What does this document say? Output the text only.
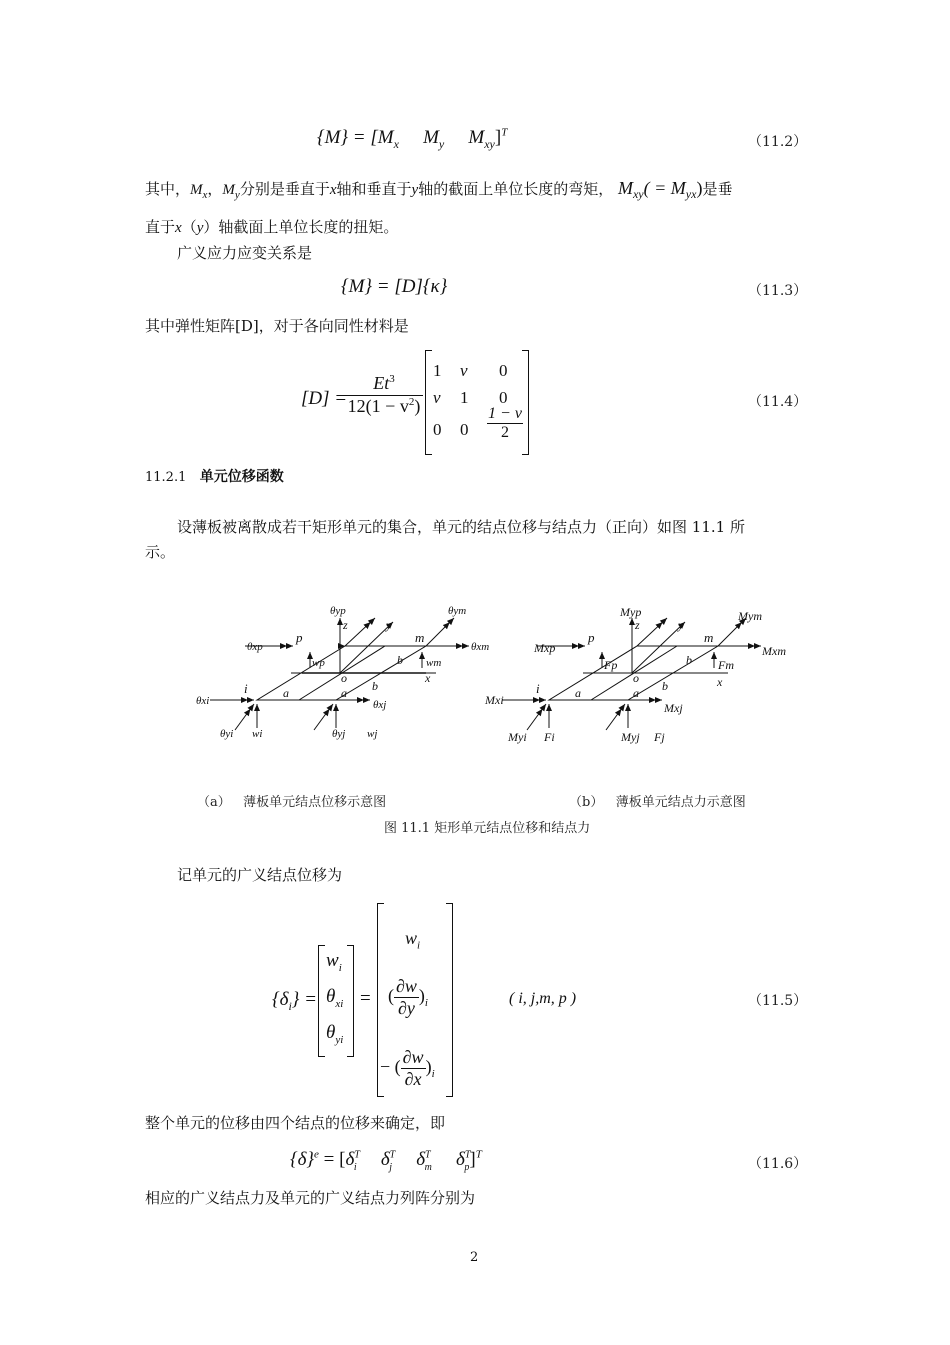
$\{M\} = [M_x$ $M_y$ $M_{xy}]^T$
（11.2）
其中，$M_x$，$M_y$分别是垂直于x轴和垂直于y轴的截面上单位长度的弯矩， $M_{xy}( = M_{yx})$是垂
直于x（y）轴截面上单位长度的扭矩。
广义应力应变关系是
{M} = [D]{κ}	（11.3）
其中弹性矩阵[D]，对于各向同性材料是
[D] =
$Et^3$
$12(1 - v^2)$
1 v 0
v 1 0
0 0
1 − v
2
（11.4）
11.2.1 单元位移函数
设薄板被离散成若干矩形单元的集合，单元的结点位移与结点力（正向）如图 11.1 所
示。
θyp	θym
θxp	θxm
θxi	θxj
θyi	θyj
z	y
x
p	m
i
o
a	a
b
b
wp	wm
wi	wj
Myp	Mym
Mxp	Mxm
Mxi
Mxj
Myi	Myj
z	y
x
p	m
i
o
a	a
b
b
Fp	Fm
Fi	Fj
（a） 薄板单元结点位移示意图	（b） 薄板单元结点力示意图
图 11.1 矩形单元结点位移和结点力
记单元的广义结点位移为
$\{\delta_i\}$ =
$w_i$
$\theta_{xi}$
$\theta_{yi}$
=
$w_i$
( $\frac{\partial w}{\partial y} )_i$
− ( $\frac{\partial w}{\partial x} )_i$
( i, j,m, p )	（11.5）
整个单元的位移由四个结点的位移来确定，即
$\{\delta\}^e = [\delta^T_i$ $\delta^T_j$ $\delta^T_m$ $\delta^T_p]^T$
（11.6）
相应的广义结点力及单元的广义结点力列阵分别为
2
